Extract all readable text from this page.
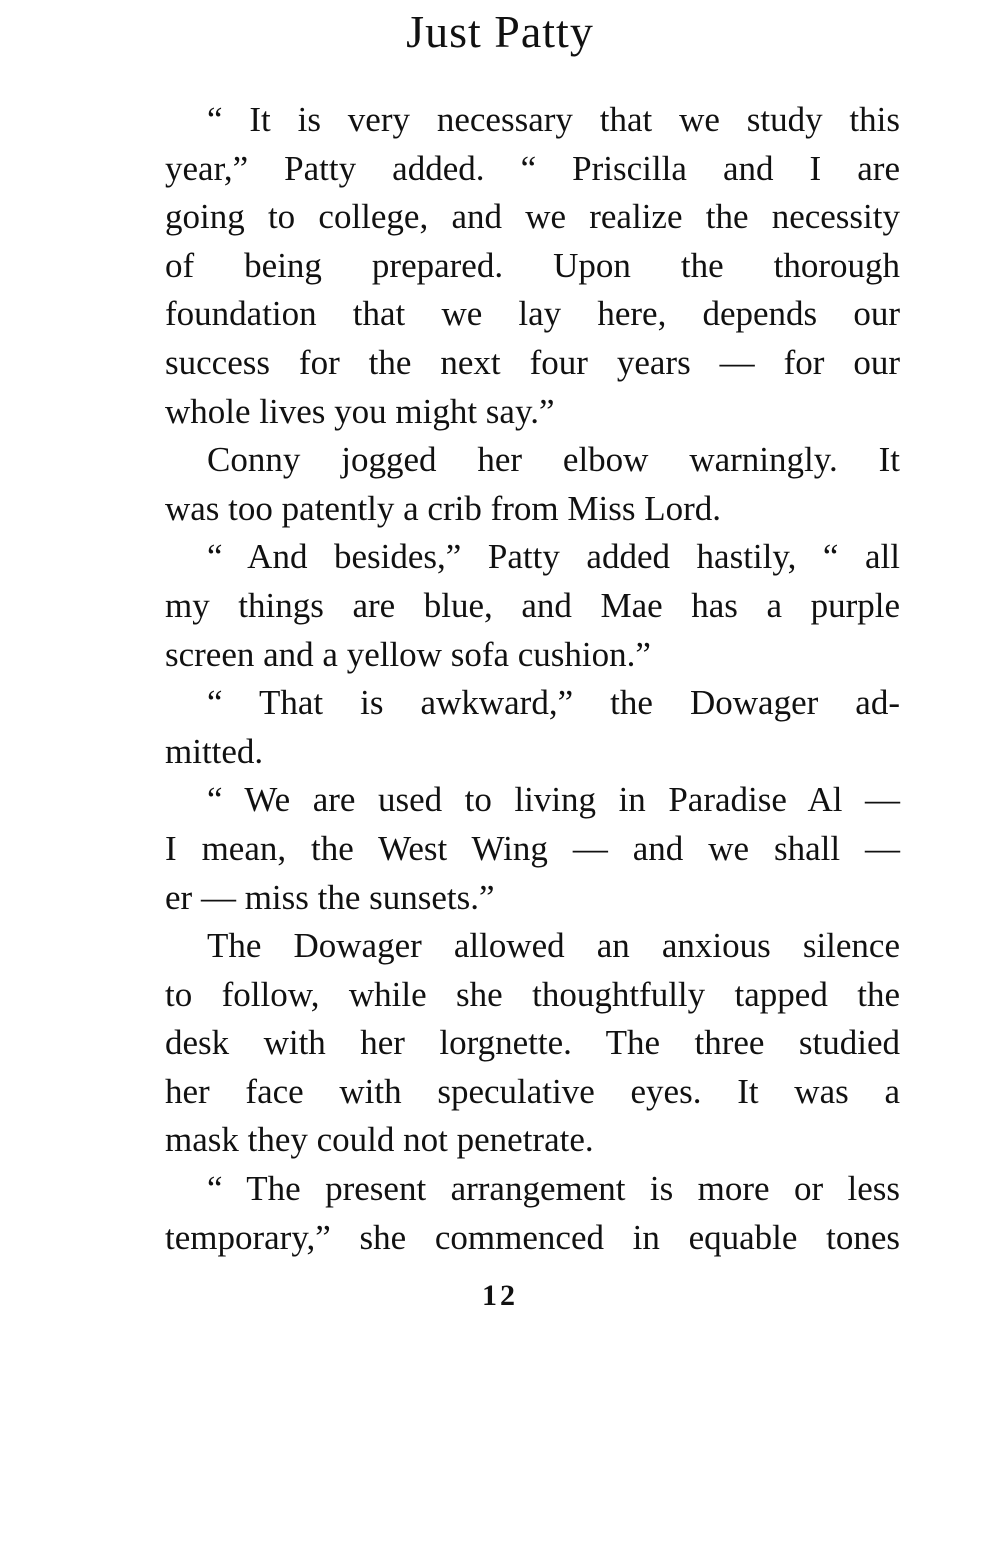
Just Patty
“ It is very necessary that we study this
year,” Patty added. “ Priscilla and I are
going to college, and we realize the necessity
of being prepared. Upon the thorough
foundation that we lay here, depends our
success for the next four years — for our
whole lives you might say.”
Conny jogged her elbow warningly. It
was too patently a crib from Miss Lord.
“ And besides,” Patty added hastily, “ all
my things are blue, and Mae has a purple
screen and a yellow sofa cushion.”
“ That is awkward,” the Dowager ad-
mitted.
“ We are used to living in Paradise Al —
I mean, the West Wing — and we shall —
er — miss the sunsets.”
The Dowager allowed an anxious silence
to follow, while she thoughtfully tapped the
desk with her lorgnette. The three studied
her face with speculative eyes. It was a
mask they could not penetrate.
“ The present arrangement is more or less
temporary,” she commenced in equable tones
12
